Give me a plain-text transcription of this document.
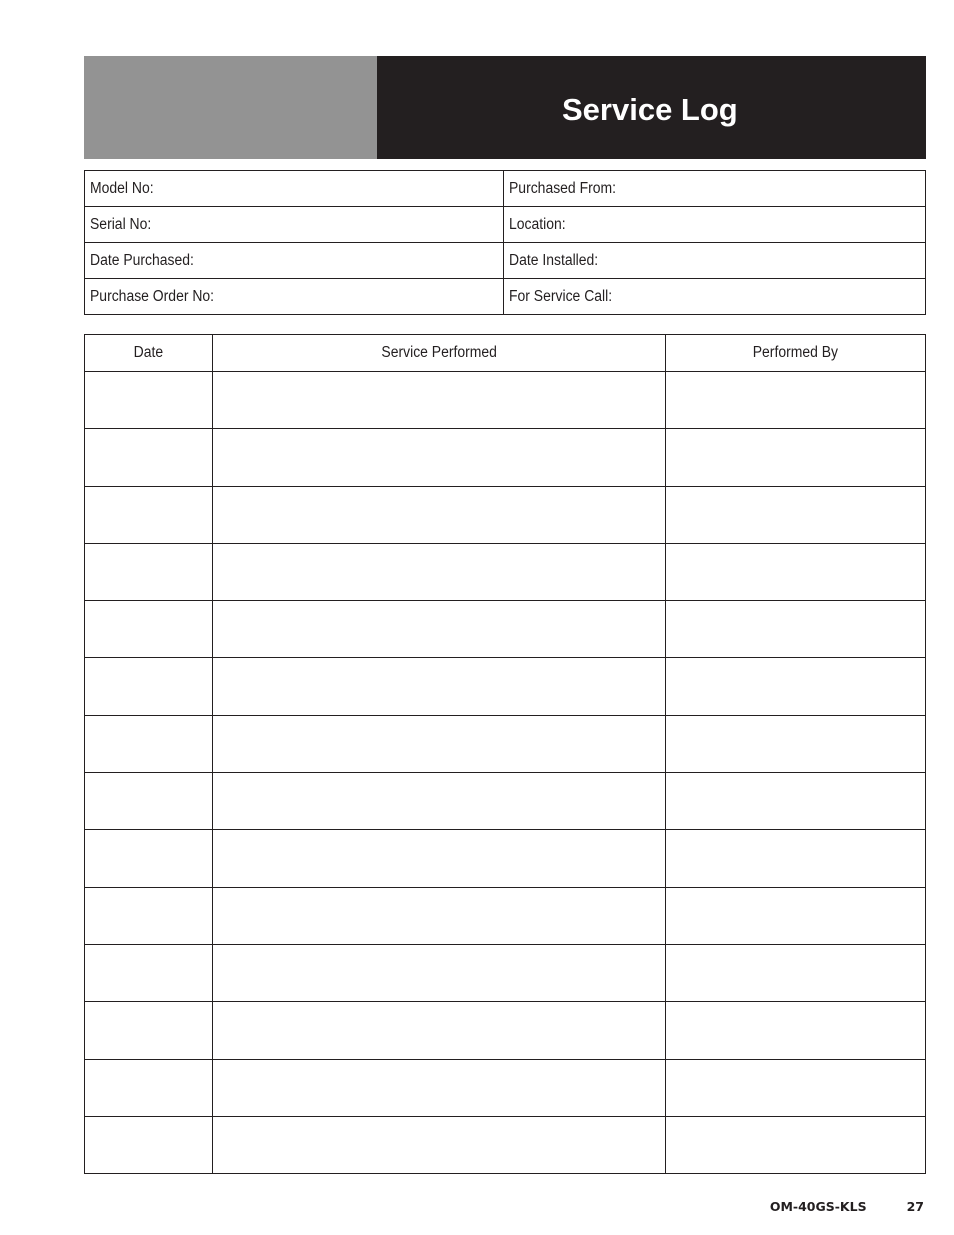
Service Log
Model No:	Purchased From:
Serial No:	Location:
Date Purchased:	Date Installed:
Purchase Order No:	For Service Call:
Date	Service Performed	Performed By

OM-40GS-KLS	27
